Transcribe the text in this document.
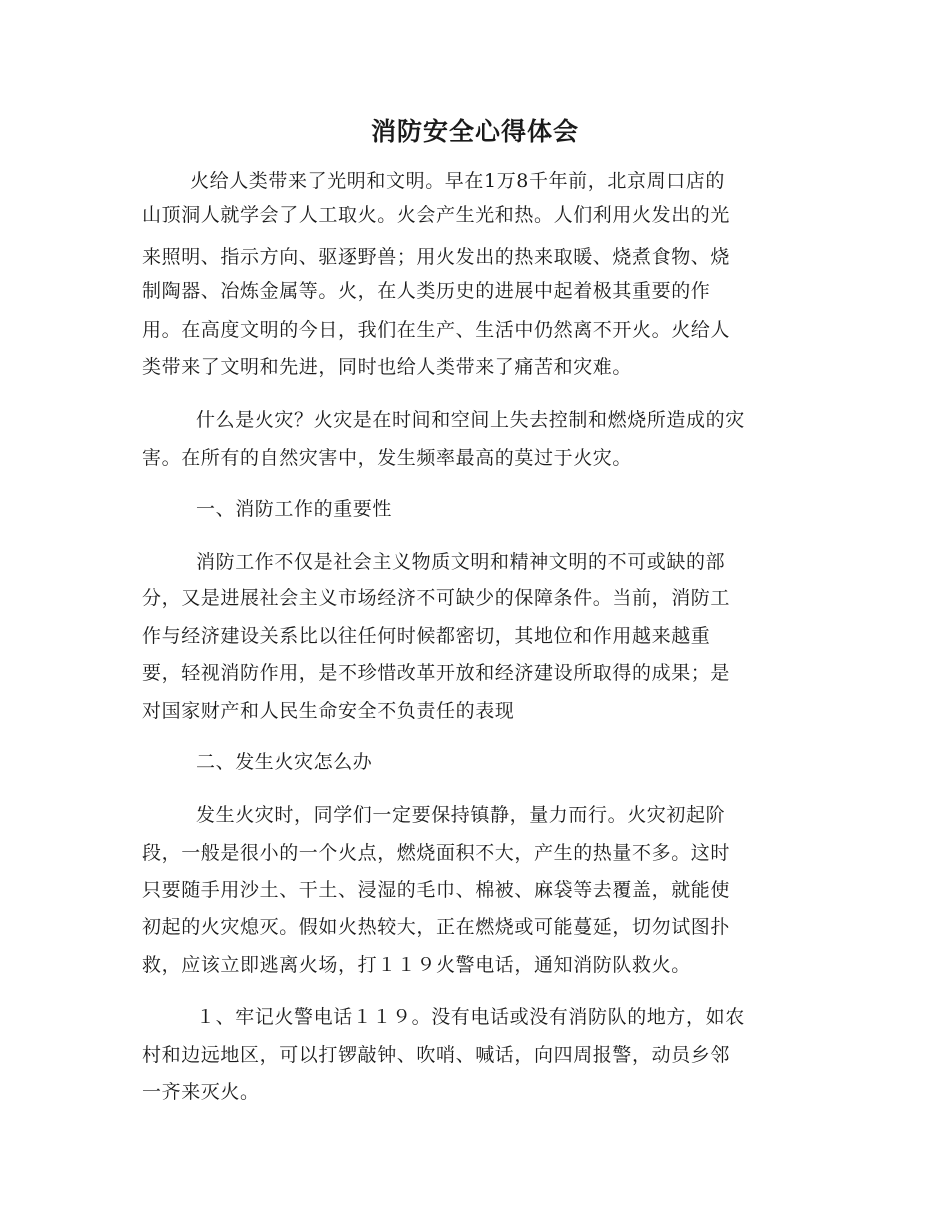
消防安全心得体会
火给人类带来了光明和文明。早在1万8千年前，北京周口店的
山顶洞人就学会了人工取火。火会产生光和热。人们利用火发出的光
来照明、指示方向、驱逐野兽；用火发出的热来取暖、烧煮食物、烧
制陶器、冶炼金属等。火，在人类历史的进展中起着极其重要的作
用。在高度文明的今日，我们在生产、生活中仍然离不开火。火给人
类带来了文明和先进，同时也给人类带来了痛苦和灾难。
什么是火灾？火灾是在时间和空间上失去控制和燃烧所造成的灾
害。在所有的自然灾害中，发生频率最高的莫过于火灾。
一、消防工作的重要性
消防工作不仅是社会主义物质文明和精神文明的不可或缺的部
分，又是进展社会主义市场经济不可缺少的保障条件。当前，消防工
作与经济建设关系比以往任何时候都密切，其地位和作用越来越重
要，轻视消防作用，是不珍惜改革开放和经济建设所取得的成果；是
对国家财产和人民生命安全不负责任的表现
二、发生火灾怎么办
发生火灾时，同学们一定要保持镇静，量力而行。火灾初起阶
段，一般是很小的一个火点，燃烧面积不大，产生的热量不多。这时
只要随手用沙土、干土、浸湿的毛巾、棉被、麻袋等去覆盖，就能使
初起的火灾熄灭。假如火热较大，正在燃烧或可能蔓延，切勿试图扑
救，应该立即逃离火场，打１１９火警电话，通知消防队救火。
１、牢记火警电话１１９。没有电话或没有消防队的地方，如农
村和边远地区，可以打锣敲钟、吹哨、喊话，向四周报警，动员乡邻
一齐来灭火。
